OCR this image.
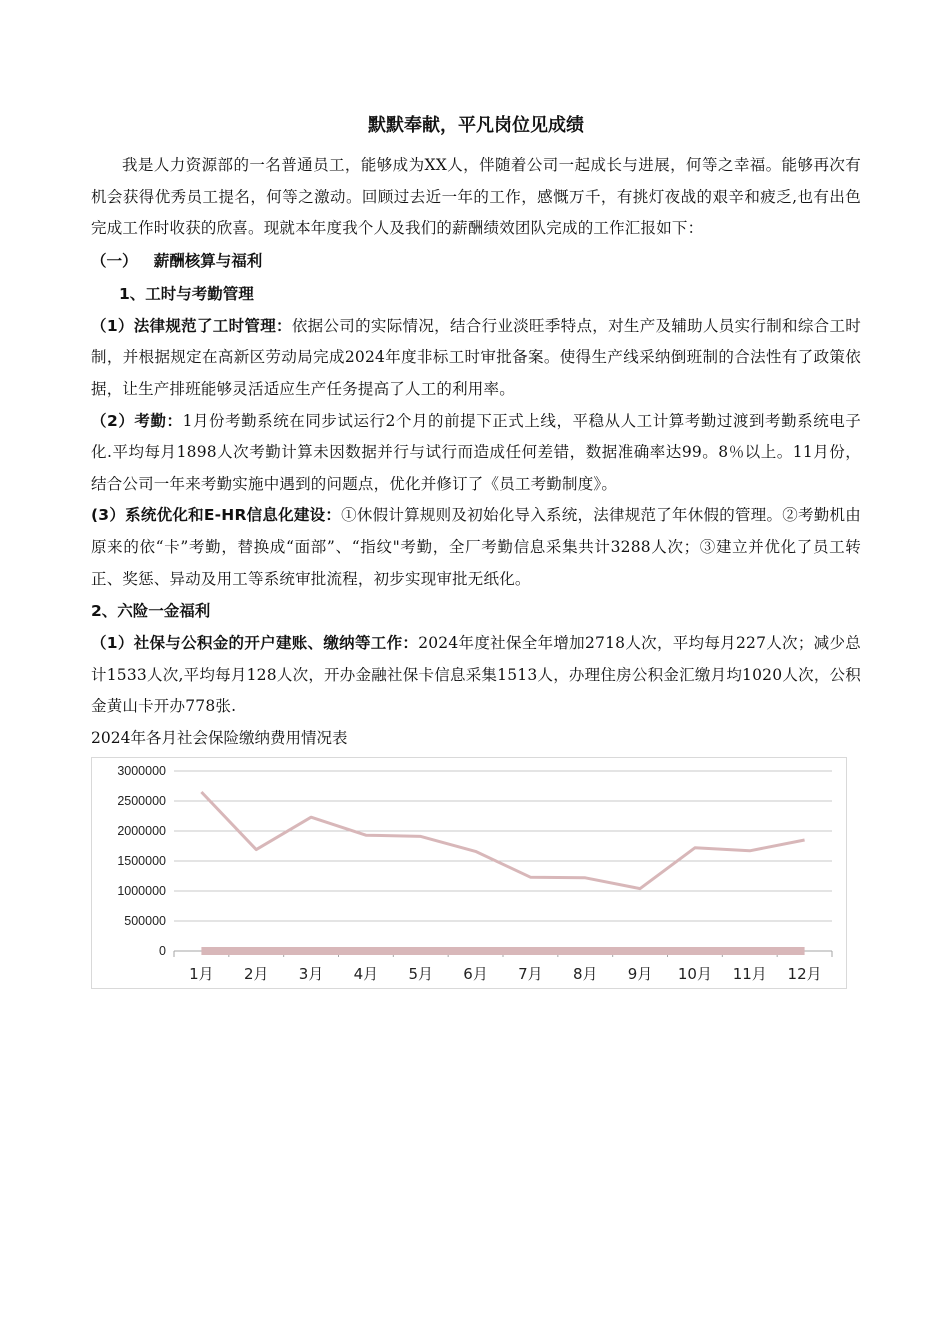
默默奉献，平凡岗位见成绩

我是人力资源部的一名普通员工，能够成为XX人，伴随着公司一起成长与进展，何等之幸福。能够再次有机会获得优秀员工提名，何等之激动。回顾过去近一年的工作，感慨万千，有挑灯夜战的艰辛和疲乏,也有出色完成工作时收获的欣喜。现就本年度我个人及我们的薪酬绩效团队完成的工作汇报如下：

（一）   薪酬核算与福利

1、工时与考勤管理

（1）法律规范了工时管理：依据公司的实际情况，结合行业淡旺季特点，对生产及辅助人员实行制和综合工时制，并根据规定在高新区劳动局完成2024年度非标工时审批备案。使得生产线采纳倒班制的合法性有了政策依据，让生产排班能够灵活适应生产任务提高了人工的利用率。

（2）考勤：1月份考勤系统在同步试运行2个月的前提下正式上线，平稳从人工计算考勤过渡到考勤系统电子化.平均每月1898人次考勤计算未因数据并行与试行而造成任何差错，数据准确率达99。8％以上。11月份，结合公司一年来考勤实施中遇到的问题点，优化并修订了《员工考勤制度》。

(3）系统优化和E-HR信息化建设：①休假计算规则及初始化导入系统，法律规范了年休假的管理。②考勤机由原来的依“卡”考勤，替换成“面部”、“指纹"考勤，全厂考勤信息采集共计3288人次；③建立并优化了员工转正、奖惩、异动及用工等系统审批流程，初步实现审批无纸化。

2、六险一金福利

（1）社保与公积金的开户建账、缴纳等工作：2024年度社保全年增加2718人次，平均每月227人次；减少总计1533人次,平均每月128人次，开办金融社保卡信息采集1513人，办理住房公积金汇缴月均1020人次，公积金黄山卡开办778张.

2024年各月社会保险缴纳费用情况表

0
500000
1000000
1500000
2000000
2500000
3000000
1月 2月 3月 4月 5月 6月 7月 8月 9月 10月 11月 12月
